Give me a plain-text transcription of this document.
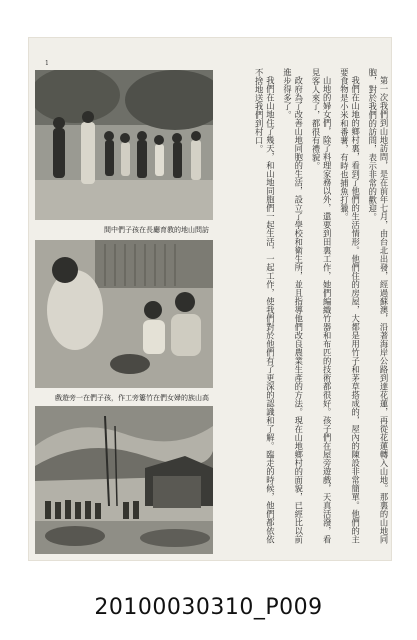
1
訪問山地的教育廳長在孩子們中間
高山族的婦女們在竹簍旁工作，孩子們在一旁遊戲	第一次我們到山地訪問，是在前年七月，由台北出發，經過蘇澳，沿著海岸公路到達花蓮，再從花蓮轉入山地。那裏的山地同胞，對於我們的訪問，表示非常的歡迎。

我們在山地的鄉村裏，看到了他們的生活情形。他們住的房屋，大都是用竹子和茅草搭成的，屋內的陳設非常簡單。他們的主要食物是小米和番薯，有時也捕魚打獵。

山地的婦女們，除了料理家務以外，還要到田裏工作，她們編織竹器和布匹的技術都很好。孩子們在屋旁遊戲，天真活潑，看見客人來了，都很有禮貌。

政府為了改善山地同胞的生活，設立了學校和衛生所，並且指導他們改良農業生產的方法。現在山地鄉村的面貌，已經比以前進步得多了。

我們在山地住了幾天，和山地同胞們一起生活，一起工作，使我們對於他們有了更深的認識和了解。臨走的時候，他們都依依不捨地送我們到村口。

20100030310_P009
